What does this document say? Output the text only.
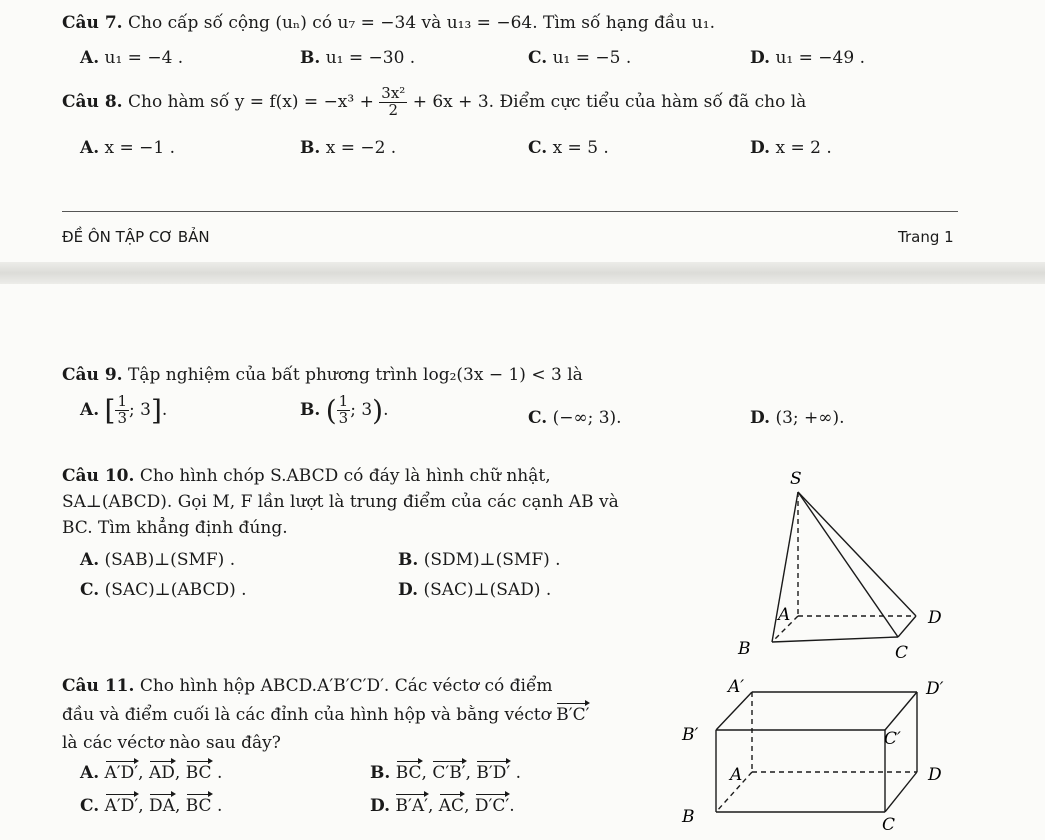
Câu 7. Cho cấp số cộng (uₙ) có u₇ = −34 và u₁₃ = −64. Tìm số hạng đầu u₁.
A. u₁ = −4 .	B. u₁ = −30 .	C. u₁ = −5 .	D. u₁ = −49 .
Câu 8. Cho hàm số $y = f(x) = -x^3 + \frac{\text{3x²}}{2} + 6x + 3$. Điểm cực tiểu của hàm số đã cho là
A. x = −1 .	B. x = −2 .	C. x = 5 .	D. x = 2 .
ĐỀ ÔN TẬP CƠ BẢN	Trang 1
Câu 9. Tập nghiệm của bất phương trình log₂(3x − 1) < 3 là
A. [ $\frac{1}{3}$ ; 3].	B. ( $\frac{1}{3}$ ; 3).	C. (−∞; 3).	D. (3; +∞).
Câu 10. Cho hình chóp S.ABCD có đáy là hình chữ nhật,
SA⊥(ABCD). Gọi M, F lần lượt là trung điểm của các cạnh AB và
BC. Tìm khẳng định đúng.
A. (SAB)⊥(SMF) .	B. (SDM)⊥(SMF) .
C. (SAC)⊥(ABCD) .	D. (SAC)⊥(SAD) .
S
A
B	C
D
Câu 11. Cho hình hộp ABCD.A′B′C′D′. Các véctơ có điểm
đầu và điểm cuối là các đỉnh của hình hộp và bằng véctơ B′C′
là các véctơ nào sau đây?
A. A′D′, AD, BC .	B. BC, C′B′, B′D′ .
C. A′D′, DA, BC .	D. B′A′, AC, D′C′.
A′	D′
B′	C′
A	D
B	C
